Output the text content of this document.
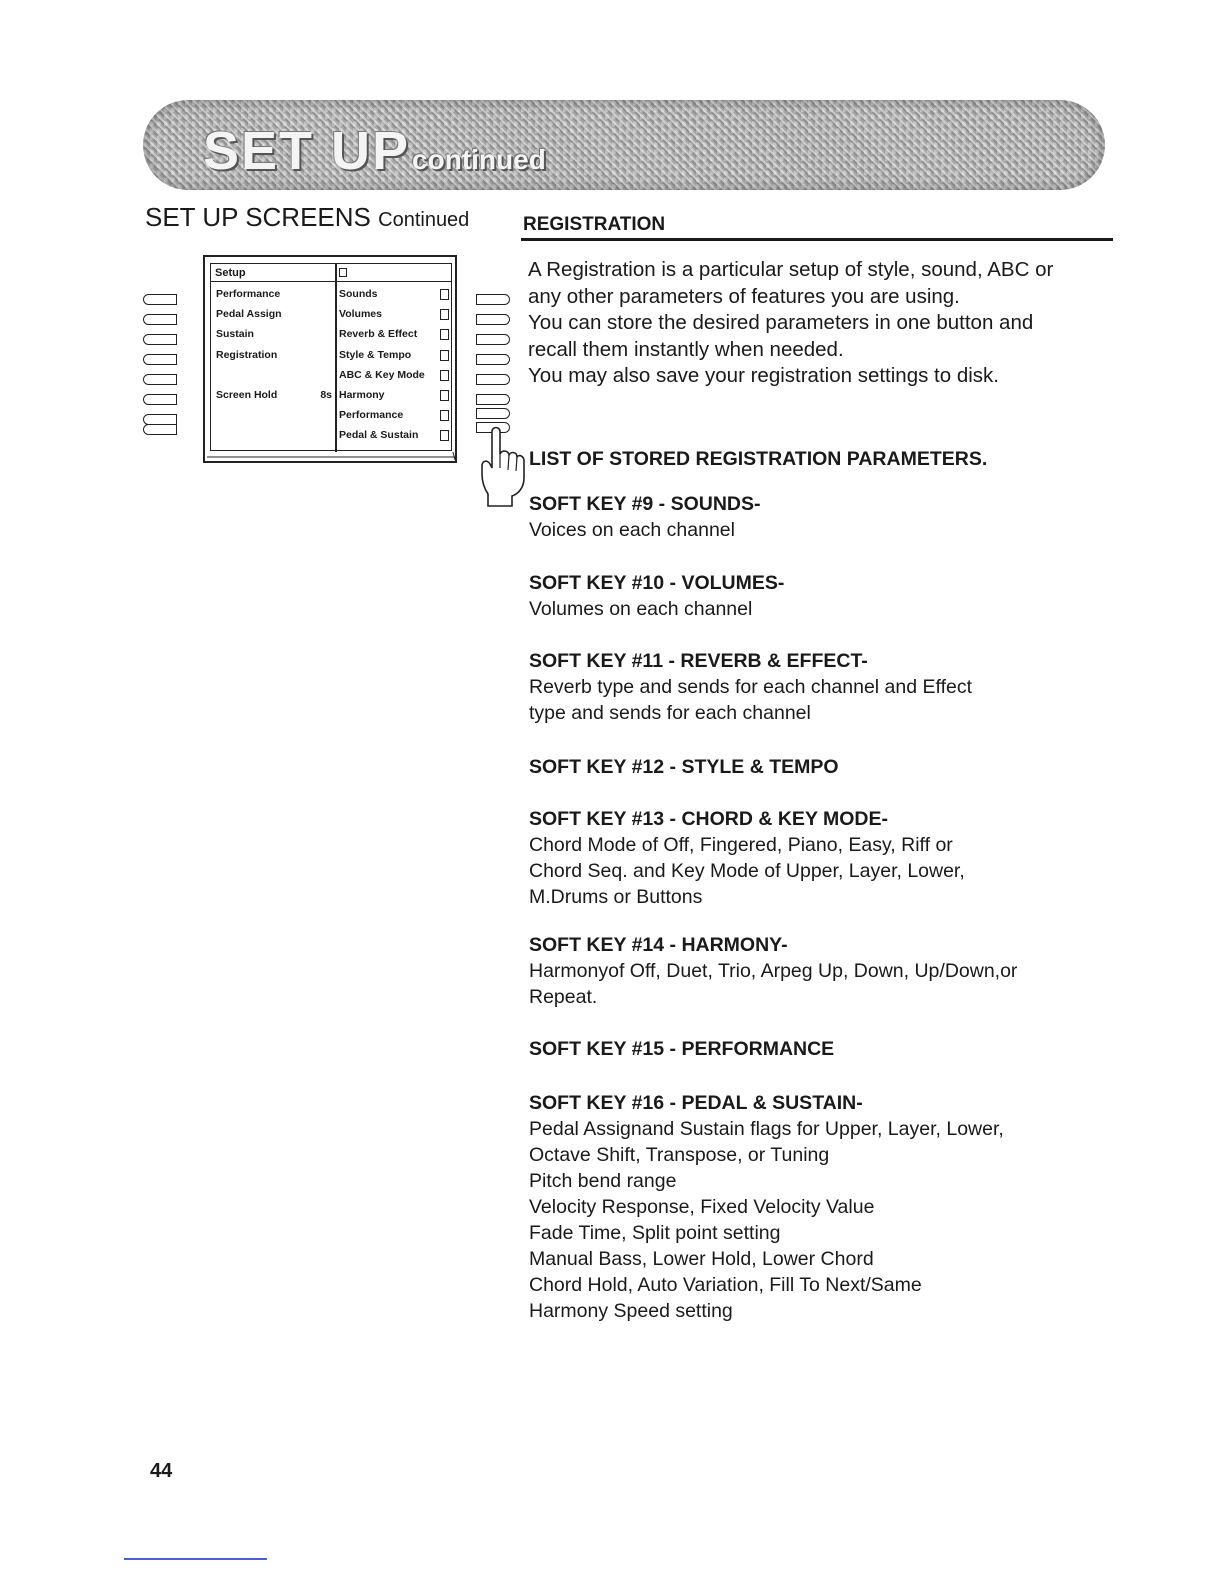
SET UPcontinued
SET UP SCREENS Continued
Setup
Performance
Pedal Assign
Sustain
Registration
Screen Hold	8s
Sounds
Volumes
Reverb & Effect
Style & Tempo
ABC & Key Mode
Harmony
Performance
Pedal & Sustain
REGISTRATION

A Registration is a particular setup of style, sound, ABC or
any other parameters of features you are using.
You can store the desired parameters in one button and
recall them instantly when needed.
You may also save your registration settings to disk.

LIST OF STORED REGISTRATION PARAMETERS.
SOFT KEY #9 - SOUNDS-

Voices on each channel

SOFT KEY #10 - VOLUMES-

Volumes on each channel

SOFT KEY #11 - REVERB & EFFECT-

Reverb type and sends for each channel and Effect
type and sends for each channel

SOFT KEY #12 - STYLE & TEMPO
SOFT KEY #13 - CHORD & KEY MODE-

Chord Mode of Off, Fingered, Piano, Easy, Riff or
Chord Seq. and Key Mode of Upper, Layer, Lower,
M.Drums or Buttons

SOFT KEY #14 - HARMONY-

Harmonyof Off, Duet, Trio, Arpeg Up, Down, Up/Down,or
Repeat.

SOFT KEY #15 - PERFORMANCE
SOFT KEY #16 - PEDAL & SUSTAIN-

Pedal Assignand Sustain flags for Upper, Layer, Lower,
Octave Shift, Transpose, or Tuning
Pitch bend range
Velocity Response, Fixed Velocity Value
Fade Time, Split point setting
Manual Bass, Lower Hold, Lower Chord
Chord Hold, Auto Variation, Fill To Next/Same
Harmony Speed setting

44
